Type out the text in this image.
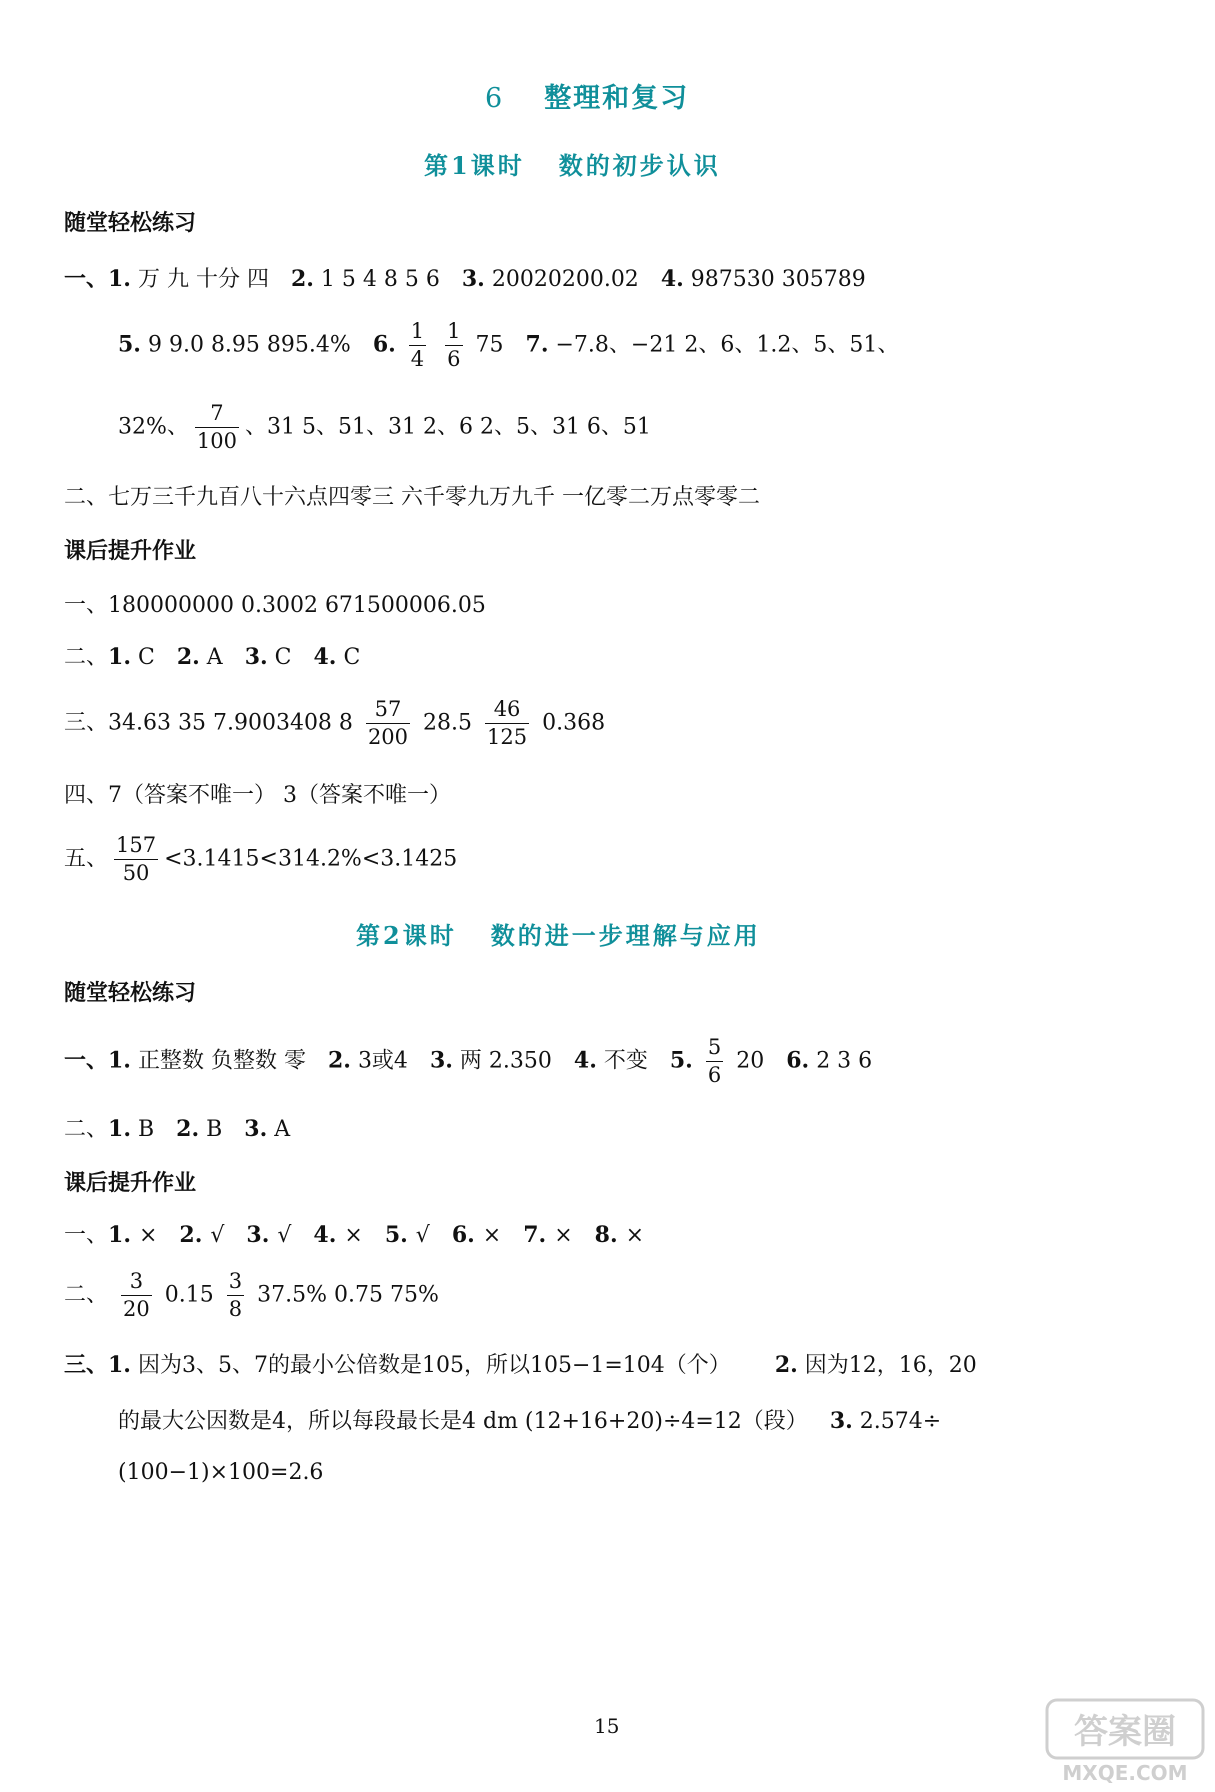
6 整理和复习
第1课时 数的初步认识
随堂轻松练习
一、1. 万 九 十分 四 2. 1 5 4 8 5 6 3. 20020200.02 4. 987530 305789
5. 9 9.0 8.95 895.4% 6. $\frac{1}{4}$
$\frac{1}{6} 75$ 7. −7.8、−21 2、6、1.2、5、51、
32%、 $\frac{7}{100}$ 、31 5、51、31 2、6 2、5、31 6、51
二、七万三千九百八十六点四零三 六千零九万九千 一亿零二万点零零二
课后提升作业
一、180000000 0.3002 671500006.05
二、1. C 2. A 3. C 4. C
三、34.63 35 7.9003408 $8 \frac{57}{200} 28.5 \frac{46}{125} 0.368$
四、7（答案不唯一） 3（答案不唯一）
五、 $\frac{157}{50} <3.1415<314.2\%<3.1425$
第2课时 数的进一步理解与应用
随堂轻松练习
一、1. 正整数 负整数 零 2. 3或4 3. 两 2.350 4. 不变 5. $\frac{5}{6} 20$ 6. 2 3 6
二、1. B 2. B 3. A
课后提升作业
一、1. × 2. √ 3. √ 4. × 5. √ 6. × 7. × 8. ×
二、 $\frac{3}{20} 0.15 \frac{3}{8} 37.5\%$ 0.75 75%
三、1. 因为3、5、7的最小公倍数是105，所以105−1=104（个） 2. 因为12，16，20
的最大公因数是4，所以每段最长是4 dm (12+16+20)÷4=12（段） 3. 2.574÷
(100−1)×100=2.6
15	答案圈
MXQE.COM
